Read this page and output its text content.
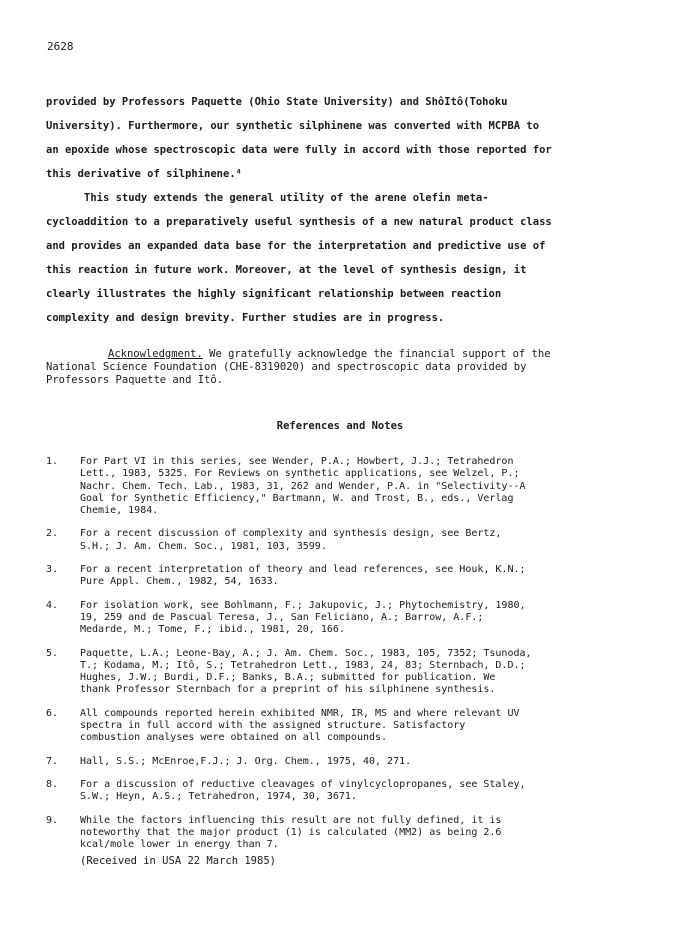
2628

provided by Professors Paquette (Ohio State University) and ShôItô(Tohoku

University). Furthermore, our synthetic silphinene was converted with MCPBA to

an epoxide whose spectroscopic data were fully in accord with those reported for

this derivative of silphinene.⁴

This study extends the general utility of the arene olefin meta-

cycloaddition to a preparatively useful synthesis of a new natural product class

and provides an expanded data base for the interpretation and predictive use of

this reaction in future work. Moreover, at the level of synthesis design, it

clearly illustrates the highly significant relationship between reaction

complexity and design brevity. Further studies are in progress.

Acknowledgment. We gratefully acknowledge the financial support of the

National Science Foundation (CHE-8319020) and spectroscopic data provided by

Professors Paquette and Itô.

References and Notes
1.	For Part VI in this series, see Wender, P.A.; Howbert, J.J.; Tetrahedron

Lett., 1983, 5325. For Reviews on synthetic applications, see Welzel, P.;

Nachr. Chem. Tech. Lab., 1983, 31, 262 and Wender, P.A. in "Selectivity--A

Goal for Synthetic Efficiency," Bartmann, W. and Trost, B., eds., Verlag

Chemie, 1984.

2.	For a recent discussion of complexity and synthesis design, see Bertz,

S.H.; J. Am. Chem. Soc., 1981, 103, 3599.

3.	For a recent interpretation of theory and lead references, see Houk, K.N.;

Pure Appl. Chem., 1982, 54, 1633.

4.	For isolation work, see Bohlmann, F.; Jakupovic, J.; Phytochemistry, 1980,

19, 259 and de Pascual Teresa, J., San Feliciano, A.; Barrow, A.F.;

Medarde, M.; Tome, F.; ibid., 1981, 20, 166.

5.	Paquette, L.A.; Leone-Bay, A.; J. Am. Chem. Soc., 1983, 105, 7352; Tsunoda,

T.; Kodama, M.; Itô, S.; Tetrahedron Lett., 1983, 24, 83; Sternbach, D.D.;

Hughes, J.W.; Burdi, D.F.; Banks, B.A.; submitted for publication. We

thank Professor Sternbach for a preprint of his silphinene synthesis.

6.	All compounds reported herein exhibited NMR, IR, MS and where relevant UV

spectra in full accord with the assigned structure. Satisfactory

combustion analyses were obtained on all compounds.

7.	Hall, S.S.; McEnroe,F.J.; J. Org. Chem., 1975, 40, 271.

8.	For a discussion of reductive cleavages of vinylcyclopropanes, see Staley,

S.W.; Heyn, A.S.; Tetrahedron, 1974, 30, 3671.

9.	While the factors influencing this result are not fully defined, it is

noteworthy that the major product (1) is calculated (MM2) as being 2.6

kcal/mole lower in energy than 7.

(Received in USA 22 March 1985)
